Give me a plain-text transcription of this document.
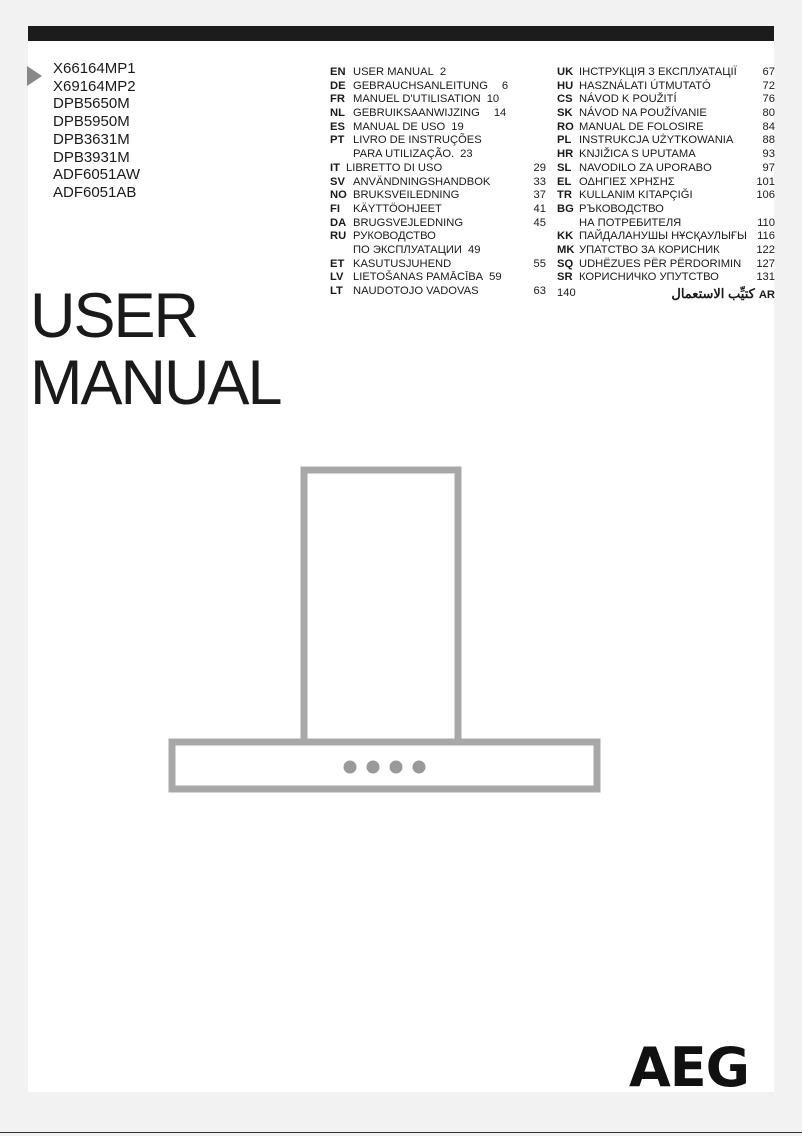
X66164MP1
X69164MP2
DPB5650M
DPB5950M
DPB3631M
DPB3931M
ADF6051AW
ADF6051AB
USER
MANUAL
EN USER MANUAL 2
DE GEBRAUCHSANLEITUNG 6
FR MANUEL D'UTILISATION 10
NL GEBRUIKSAANWIJZING 14
ES MANUAL DE USO 19
PT LIVRO DE INSTRUÇÕES
PARA UTILIZAÇÃO. 23
IT LIBRETTO DI USO	29
SV ANVÄNDNINGSHANDBOK	33
NO BRUKSVEILEDNING	37
FI KÄYTTÖOHJEET	41
DA BRUGSVEJLEDNING	45
RU РУКОВОДСТВО
ПО ЭКСПЛУАТАЦИИ 49
ET KASUTUSJUHEND	55
LV LIETOŠANAS PAMĀCĪBA 59
LT NAUDOTOJO VADOVAS	63
UK ІНСТРУКЦІЯ З ЕКСПЛУАТАЦІЇ 67
HU HASZNÁLATI ÚTMUTATÓ	72
CS NÁVOD K POUŽITÍ	76
SK NÁVOD NA POUŽÍVANIE	80
RO MANUAL DE FOLOSIRE	84
PL INSTRUKCJA UŻYTKOWANIA	88
HR KNJIŽICA S UPUTAMA	93
SL NAVODILO ZA UPORABO	97
EL ΟΔΗΓΙΕΣ ΧΡΗΣΗΣ	101
TR KULLANIM KITAPÇIĞI	106
BG РЪКОВОДСТВО
НА ПОТРЕБИТЕЛЯ	110
KK ПАЙДАЛАНУШЫ НҰСҚАУЛЫҒЫ 116
MK УПАТСТВО ЗА КОРИСНИК	122
SQ UDHËZUES PËR PËRDORIMIN 127
SR КОРИСНИЧКО УПУТСТВО	131
140	كتيِّب الاستعمال AR
AEG
